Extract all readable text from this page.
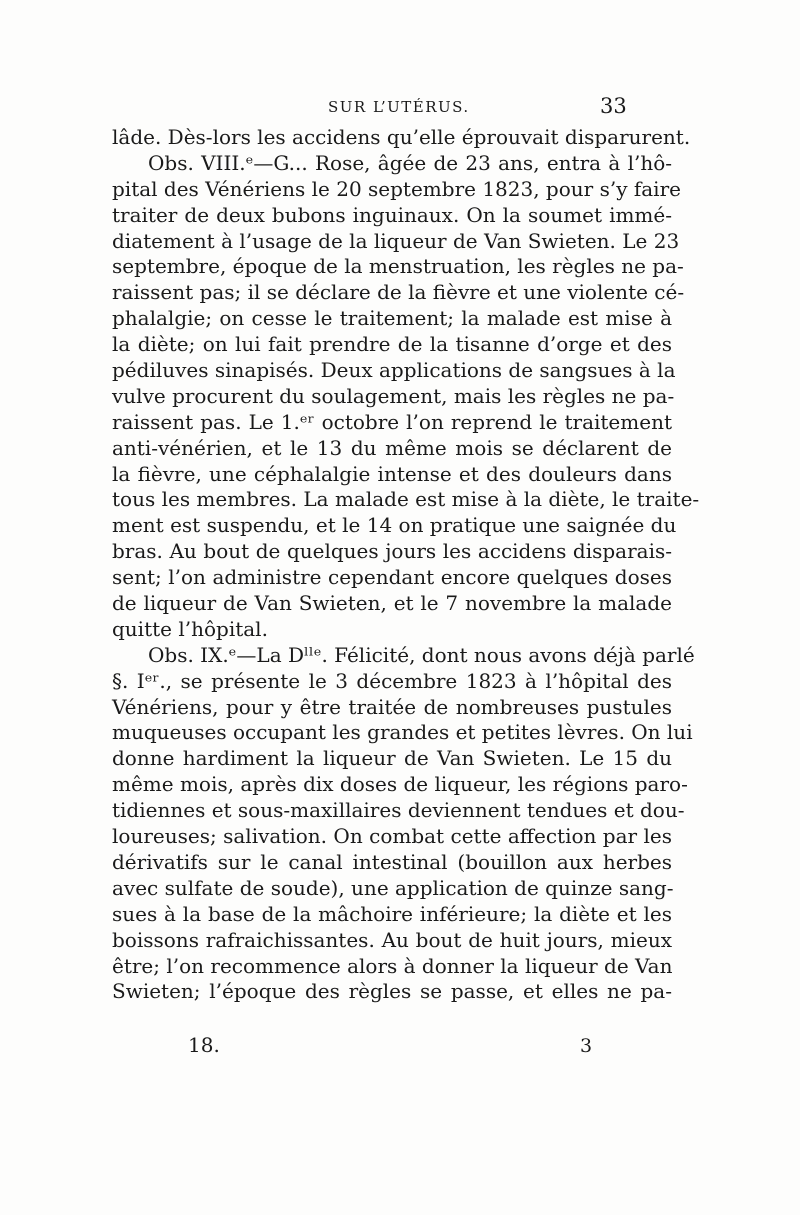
SUR L’UTÉRUS.	33
lâde. Dès-lors les accidens qu’elle éprouvait disparurent.
Obs. VIII.ᵉ—G... Rose, âgée de 23 ans, entra à l’hô-
pital des Vénériens le 20 septembre 1823, pour s’y faire
traiter de deux bubons inguinaux. On la soumet immé-
diatement à l’usage de la liqueur de Van Swieten. Le 23
septembre, époque de la menstruation, les règles ne pa-
raissent pas; il se déclare de la fièvre et une violente cé-
phalalgie; on cesse le traitement; la malade est mise à
la diète; on lui fait prendre de la tisanne d’orge et des
pédiluves sinapisés. Deux applications de sangsues à la
vulve procurent du soulagement, mais les règles ne pa-
raissent pas. Le 1.ᵉʳ octobre l’on reprend le traitement
anti-vénérien, et le 13 du même mois se déclarent de
la fièvre, une céphalalgie intense et des douleurs dans
tous les membres. La malade est mise à la diète, le traite-
ment est suspendu, et le 14 on pratique une saignée du
bras. Au bout de quelques jours les accidens disparais-
sent; l’on administre cependant encore quelques doses
de liqueur de Van Swieten, et le 7 novembre la malade
quitte l’hôpital.
Obs. IX.ᵉ—La Dˡˡᵉ. Félicité, dont nous avons déjà parlé
§. Iᵉʳ., se présente le 3 décembre 1823 à l’hôpital des
Vénériens, pour y être traitée de nombreuses pustules
muqueuses occupant les grandes et petites lèvres. On lui
donne hardiment la liqueur de Van Swieten. Le 15 du
même mois, après dix doses de liqueur, les régions paro-
tidiennes et sous-maxillaires deviennent tendues et dou-
loureuses; salivation. On combat cette affection par les
dérivatifs sur le canal intestinal (bouillon aux herbes
avec sulfate de soude), une application de quinze sang-
sues à la base de la mâchoire inférieure; la diète et les
boissons rafraichissantes. Au bout de huit jours, mieux
être; l’on recommence alors à donner la liqueur de Van
Swieten; l’époque des règles se passe, et elles ne pa-
18.	3
